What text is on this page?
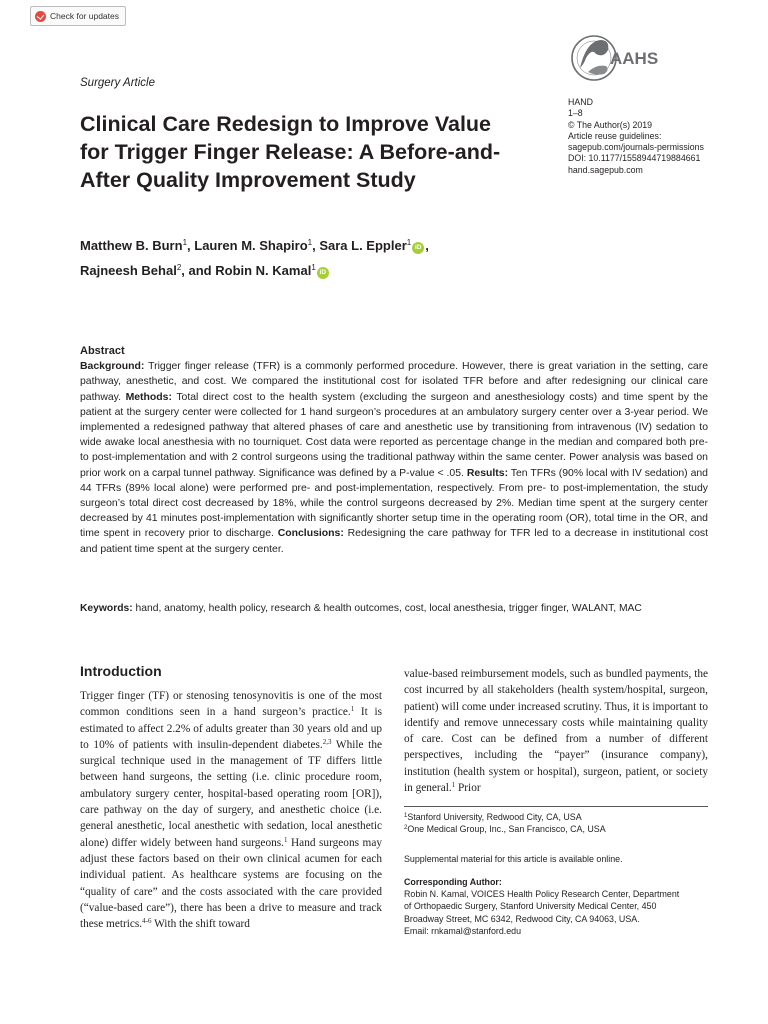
Check for updates
AAHS
Surgery Article
HAND
1–8
© The Author(s) 2019
Article reuse guidelines:
sagepub.com/journals-permissions
DOI: 10.1177/1558944719884661
hand.sagepub.com
Clinical Care Redesign to Improve Value for Trigger Finger Release: A Before-and-After Quality Improvement Study
Matthew B. Burn$^1$, Lauren M. Shapiro$^1$, Sara L. Eppler$^1$iD ,
Rajneesh Behal$^2$, and Robin N. Kamal$^1$iD
Abstract
Background: Trigger finger release (TFR) is a commonly performed procedure. However, there is great variation in the setting, care pathway, anesthetic, and cost. We compared the institutional cost for isolated TFR before and after redesigning our clinical care pathway. Methods: Total direct cost to the health system (excluding the surgeon and anesthesiology costs) and time spent by the patient at the surgery center were collected for 1 hand surgeon’s procedures at an ambulatory surgery center over a 3-year period. We implemented a redesigned pathway that altered phases of care and anesthetic use by transitioning from intravenous (IV) sedation to wide awake local anesthesia with no tourniquet. Cost data were reported as percentage change in the median and compared both pre- to post-implementation and with 2 control surgeons using the traditional pathway within the same center. Power analysis was based on prior work on a carpal tunnel pathway. Significance was defined by a P-value < .05. Results: Ten TFRs (90% local with IV sedation) and 44 TFRs (89% local alone) were performed pre- and post-implementation, respectively. From pre- to post-implementation, the study surgeon’s total direct cost decreased by 18%, while the control surgeons decreased by 2%. Median time spent at the surgery center decreased by 41 minutes post-implementation with significantly shorter setup time in the operating room (OR), total time in the OR, and time spent in recovery prior to discharge. Conclusions: Redesigning the care pathway for TFR led to a decrease in institutional cost and patient time spent at the surgery center.
Keywords: hand, anatomy, health policy, research & health outcomes, cost, local anesthesia, trigger finger, WALANT, MAC
Introduction
Trigger finger (TF) or stenosing tenosynovitis is one of the most common conditions seen in a hand surgeon’s practice.$^1$ It is estimated to affect 2.2% of adults greater than 30 years old and up to 10% of patients with insulin-dependent diabetes.$^{2,3}$ While the surgical technique used in the management of TF differs little between hand surgeons, the setting (i.e. clinic procedure room, ambulatory surgery center, hospital-based operating room [OR]), care pathway on the day of surgery, and anesthetic choice (i.e. general anesthetic, local anesthetic with sedation, local anesthetic alone) differ widely between hand surgeons.$^1$ Hand surgeons may adjust these factors based on their own clinical acumen for each individual patient. As healthcare systems are focusing on the “quality of care” and the costs associated with the care provided (“value-based care”), there has been a drive to measure and track these metrics.$^{4-6}$ With the shift toward
value-based reimbursement models, such as bundled payments, the cost incurred by all stakeholders (health system/hospital, surgeon, patient) will come under increased scrutiny. Thus, it is important to identify and remove unnecessary costs while maintaining quality of care. Cost can be defined from a number of different perspectives, including the “payer” (insurance company), institution (health system or hospital), surgeon, patient, or society in general.$^1$ Prior
$^1$Stanford University, Redwood City, CA, USA
$^2$One Medical Group, Inc., San Francisco, CA, USA
Supplemental material for this article is available online.
Corresponding Author:
Robin N. Kamal, VOICES Health Policy Research Center, Department
of Orthopaedic Surgery, Stanford University Medical Center, 450
Broadway Street, MC 6342, Redwood City, CA 94063, USA.
Email: rnkamal@stanford.edu
